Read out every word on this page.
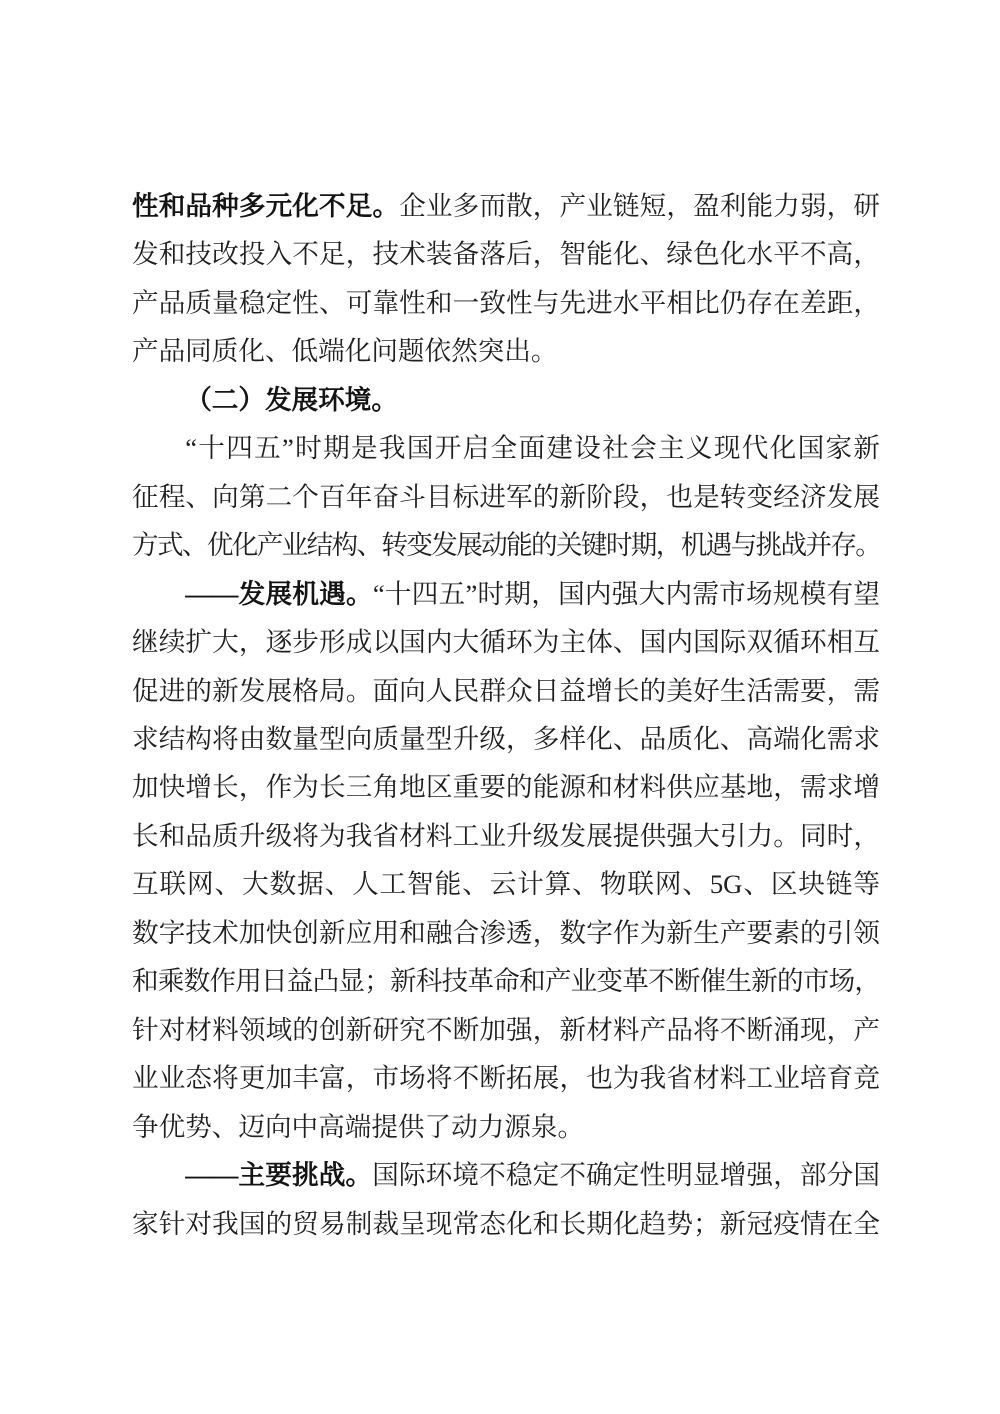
性和品种多元化不足。企业多而散，产业链短，盈利能力弱，研
发和技改投入不足，技术装备落后，智能化、绿色化水平不高，
产品质量稳定性、可靠性和一致性与先进水平相比仍存在差距，
产品同质化、低端化问题依然突出。
（二）发展环境。
“十四五”时期是我国开启全面建设社会主义现代化国家新
征程、向第二个百年奋斗目标进军的新阶段，也是转变经济发展
方式、优化产业结构、转变发展动能的关键时期，机遇与挑战并存。
——发展机遇。“十四五”时期，国内强大内需市场规模有望
继续扩大，逐步形成以国内大循环为主体、国内国际双循环相互
促进的新发展格局。面向人民群众日益增长的美好生活需要，需
求结构将由数量型向质量型升级，多样化、品质化、高端化需求
加快增长，作为长三角地区重要的能源和材料供应基地，需求增
长和品质升级将为我省材料工业升级发展提供强大引力。同时，
互联网、大数据、人工智能、云计算、物联网、5G、区块链等
数字技术加快创新应用和融合渗透，数字作为新生产要素的引领
和乘数作用日益凸显；新科技革命和产业变革不断催生新的市场，
针对材料领域的创新研究不断加强，新材料产品将不断涌现，产
业业态将更加丰富，市场将不断拓展，也为我省材料工业培育竞
争优势、迈向中高端提供了动力源泉。
——主要挑战。国际环境不稳定不确定性明显增强，部分国
家针对我国的贸易制裁呈现常态化和长期化趋势；新冠疫情在全
